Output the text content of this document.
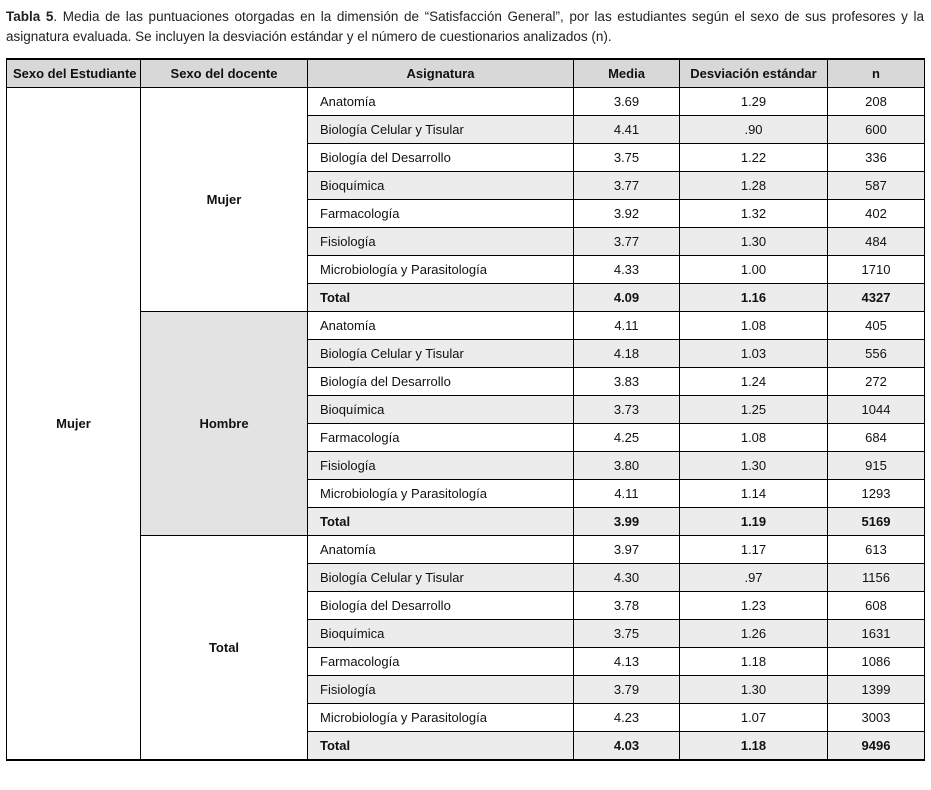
Tabla 5. Media de las puntuaciones otorgadas en la dimensión de “Satisfacción General”, por las estudiantes según el sexo de sus profesores y la asignatura evaluada. Se incluyen la desviación estándar y el número de cuestionarios analizados (n).
Sexo del Estudiante	Sexo del docente	Asignatura	Media	Desviación estándar	n
Mujer	Mujer	Anatomía	3.69	1.29	208
		Biología Celular y Tisular	4.41	.90	600
		Biología del Desarrollo	3.75	1.22	336
		Bioquímica	3.77	1.28	587
		Farmacología	3.92	1.32	402
		Fisiología	3.77	1.30	484
		Microbiología y Parasitología	4.33	1.00	1710
		Total	4.09	1.16	4327
	Hombre	Anatomía	4.11	1.08	405
		Biología Celular y Tisular	4.18	1.03	556
		Biología del Desarrollo	3.83	1.24	272
		Bioquímica	3.73	1.25	1044
		Farmacología	4.25	1.08	684
		Fisiología	3.80	1.30	915
		Microbiología y Parasitología	4.11	1.14	1293
		Total	3.99	1.19	5169
	Total	Anatomía	3.97	1.17	613
		Biología Celular y Tisular	4.30	.97	1156
		Biología del Desarrollo	3.78	1.23	608
		Bioquímica	3.75	1.26	1631
		Farmacología	4.13	1.18	1086
		Fisiología	3.79	1.30	1399
		Microbiología y Parasitología	4.23	1.07	3003
		Total	4.03	1.18	9496
